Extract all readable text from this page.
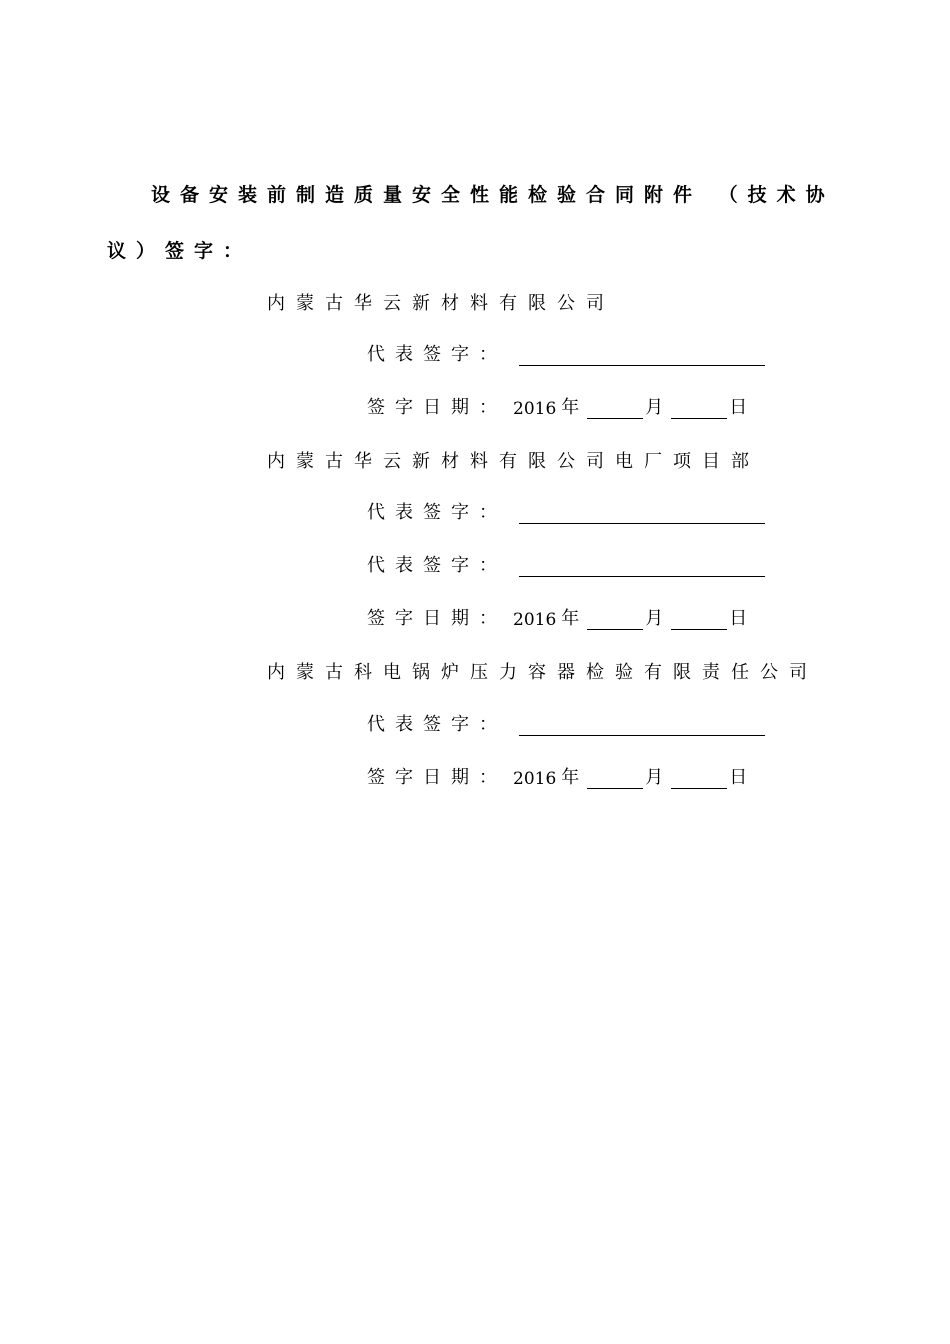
设备安装前制造质量安全性能检验合同附件 （技术协
议）签字：
内蒙古华云新材料有限公司
代表签字：
签字日期： 2016 年	月	日
内蒙古华云新材料有限公司电厂项目部
代表签字：
代表签字：
签字日期： 2016 年	月	日
内蒙古科电锅炉压力容器检验有限责任公司
代表签字：
签字日期： 2016 年	月	日
